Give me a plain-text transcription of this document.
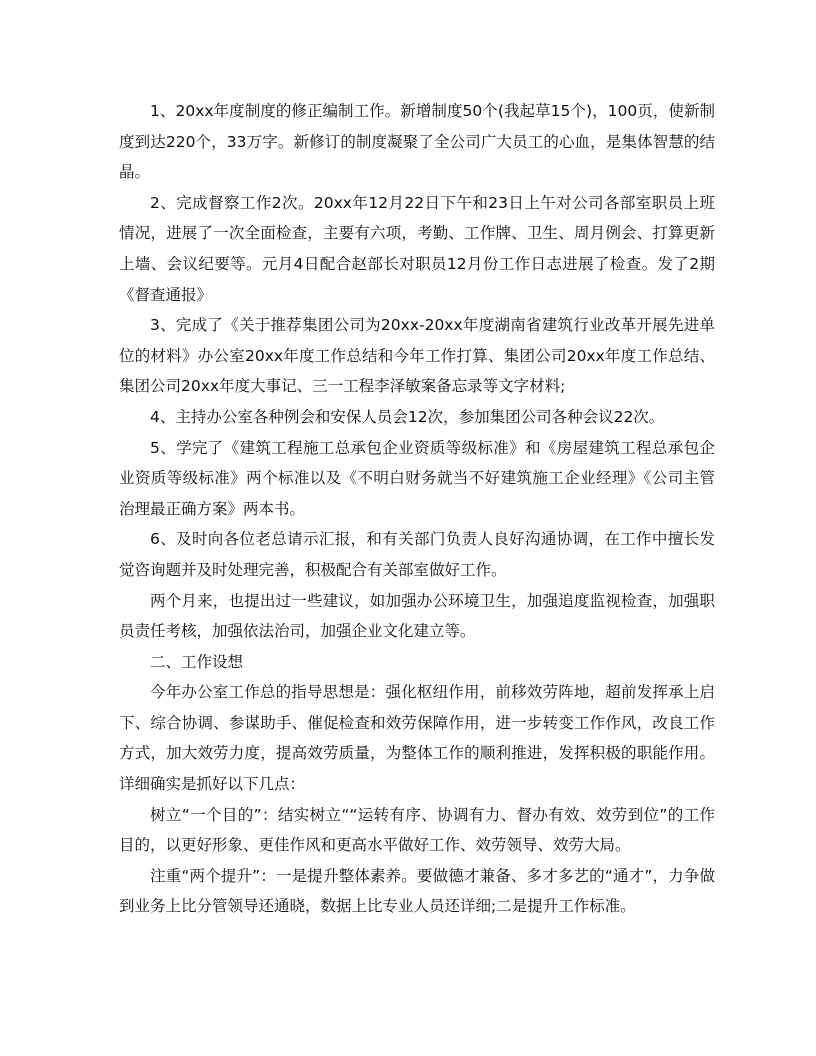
1、20xx年度制度的修正编制工作。新增制度50个(我起草15个)，100页，使新制度到达220个，33万字。新修订的制度凝聚了全公司广大员工的心血，是集体智慧的结晶。

2、完成督察工作2次。20xx年12月22日下午和23日上午对公司各部室职员上班情况，进展了一次全面检查，主要有六项，考勤、工作牌、卫生、周月例会、打算更新上墙、会议纪要等。元月4日配合赵部长对职员12月份工作日志进展了检查。发了2期《督查通报》

3、完成了《关于推荐集团公司为20xx-20xx年度湖南省建筑行业改革开展先进单位的材料》办公室20xx年度工作总结和今年工作打算、集团公司20xx年度工作总结、集团公司20xx年度大事记、三一工程李泽敏案备忘录等文字材料;

4、主持办公室各种例会和安保人员会12次，参加集团公司各种会议22次。

5、学完了《建筑工程施工总承包企业资质等级标准》和《房屋建筑工程总承包企业资质等级标准》两个标准以及《不明白财务就当不好建筑施工企业经理》《公司主管治理最正确方案》两本书。

6、及时向各位老总请示汇报，和有关部门负责人良好沟通协调，在工作中擅长发觉咨询题并及时处理完善，积极配合有关部室做好工作。

两个月来，也提出过一些建议，如加强办公环境卫生，加强追度监视检查，加强职员责任考核，加强依法治司，加强企业文化建立等。

二、工作设想

今年办公室工作总的指导思想是：强化枢纽作用，前移效劳阵地，超前发挥承上启下、综合协调、参谋助手、催促检查和效劳保障作用，进一步转变工作作风，改良工作方式，加大效劳力度，提高效劳质量，为整体工作的顺利推进，发挥积极的职能作用。详细确实是抓好以下几点：

树立“一个目的”：结实树立““运转有序、协调有力、督办有效、效劳到位”的工作目的，以更好形象、更佳作风和更高水平做好工作、效劳领导、效劳大局。

注重“两个提升”：一是提升整体素养。要做德才兼备、多才多艺的“通才”，力争做到业务上比分管领导还通晓，数据上比专业人员还详细;二是提升工作标准。
